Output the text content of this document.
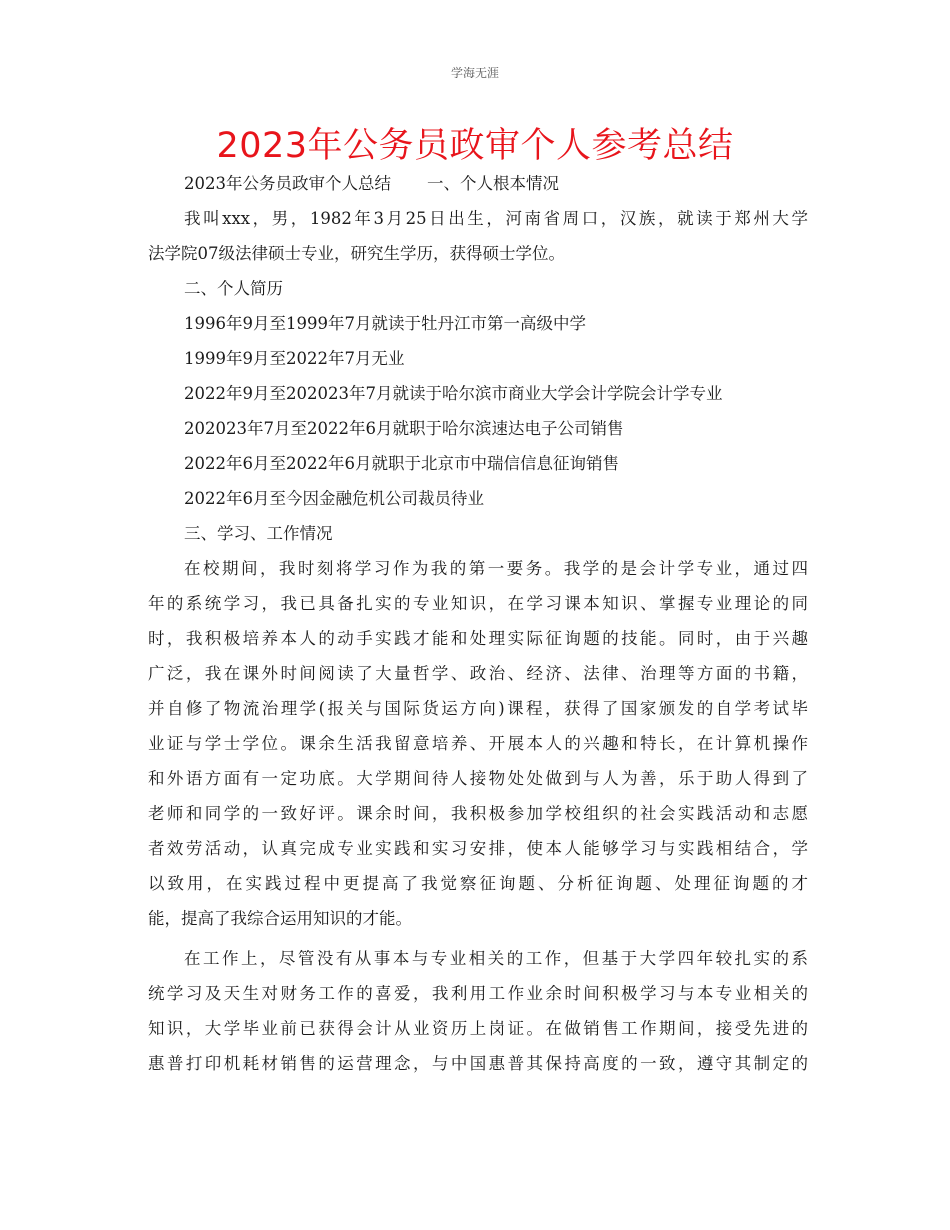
学海无涯
2023年公务员政审个人参考总结
2023年公务员政审个人总结 一、个人根本情况
我叫xxx，男，1982年3月25日出生，河南省周口，汉族，就读于郑州大学
法学院07级法律硕士专业，研究生学历，获得硕士学位。
二、个人简历
1996年9月至1999年7月就读于牡丹江市第一高级中学
1999年9月至2022年7月无业
2022年9月至202023年7月就读于哈尔滨市商业大学会计学院会计学专业
202023年7月至2022年6月就职于哈尔滨速达电子公司销售
2022年6月至2022年6月就职于北京市中瑞信信息征询销售
2022年6月至今因金融危机公司裁员待业
三、学习、工作情况
在校期间，我时刻将学习作为我的第一要务。我学的是会计学专业，通过四
年的系统学习，我已具备扎实的专业知识，在学习课本知识、掌握专业理论的同
时，我积极培养本人的动手实践才能和处理实际征询题的技能。同时，由于兴趣
广泛，我在课外时间阅读了大量哲学、政治、经济、法律、治理等方面的书籍，
并自修了物流治理学(报关与国际货运方向)课程，获得了国家颁发的自学考试毕
业证与学士学位。课余生活我留意培养、开展本人的兴趣和特长，在计算机操作
和外语方面有一定功底。大学期间待人接物处处做到与人为善，乐于助人得到了
老师和同学的一致好评。课余时间，我积极参加学校组织的社会实践活动和志愿
者效劳活动，认真完成专业实践和实习安排，使本人能够学习与实践相结合，学
以致用，在实践过程中更提高了我觉察征询题、分析征询题、处理征询题的才
能，提高了我综合运用知识的才能。
在工作上，尽管没有从事本与专业相关的工作，但基于大学四年较扎实的系
统学习及天生对财务工作的喜爱，我利用工作业余时间积极学习与本专业相关的
知识，大学毕业前已获得会计从业资历上岗证。在做销售工作期间，接受先进的
惠普打印机耗材销售的运营理念，与中国惠普其保持高度的一致，遵守其制定的
